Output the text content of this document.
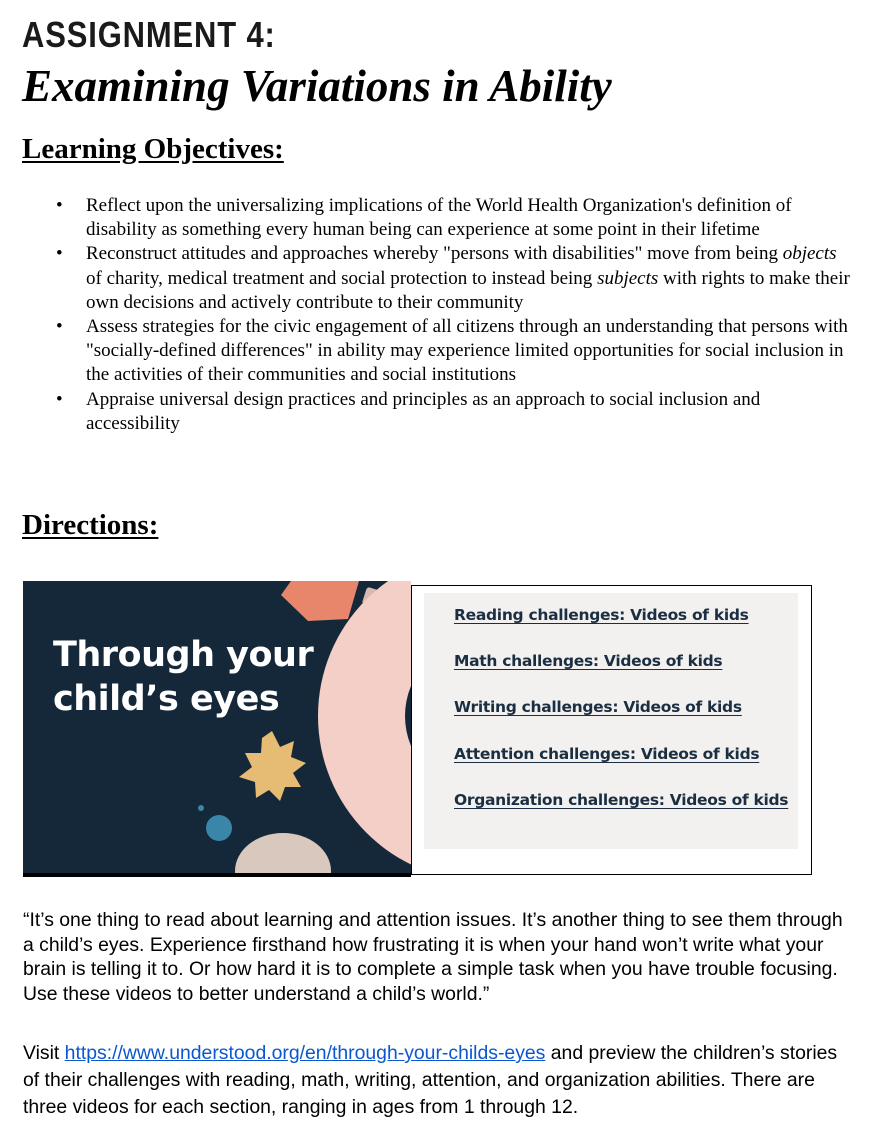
ASSIGNMENT 4:
Examining Variations in Ability
Learning Objectives:
• Reflect upon the universalizing implications of the World Health Organization's definition of disability as something every human being can experience at some point in their lifetime
• Reconstruct attitudes and approaches whereby "persons with disabilities" move from being objects of charity, medical treatment and social protection to instead being subjects with rights to make their own decisions and actively contribute to their community
• Assess strategies for the civic engagement of all citizens through an understanding that persons with "socially-defined differences" in ability may experience limited opportunities for social inclusion in the activities of their communities and social institutions
• Appraise universal design practices and principles as an approach to social inclusion and accessibility
Directions:
Through your
child’s eyes
Reading challenges: Videos of kids
Math challenges: Videos of kids
Writing challenges: Videos of kids
Attention challenges: Videos of kids
Organization challenges: Videos of kids

“It’s one thing to read about learning and attention issues. It’s another thing to see them through a child’s eyes. Experience firsthand how frustrating it is when your hand won’t write what your brain is telling it to. Or how hard it is to complete a simple task when you have trouble focusing. Use these videos to better understand a child’s world.”

Visit https://www.understood.org/en/through-your-childs-eyes and preview the children’s stories of their challenges with reading, math, writing, attention, and organization abilities. There are three videos for each section, ranging in ages from 1 through 12.
